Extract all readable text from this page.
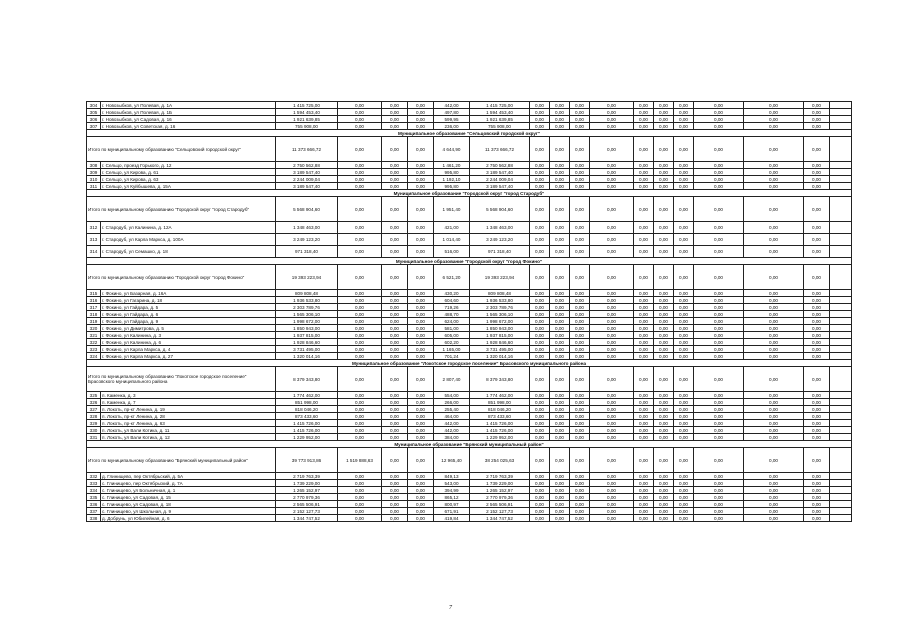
304	г. Новозыбков, ул Полевая, д. 1А	1 415 725,00	0,00	0,00	0,00	442,00	1 415 725,00	0,00	0,00	0,00	0,00	0,00	0,00	0,00	0,00	0,00	0,00	
305	г. Новозыбков, ул Полевая, д. 1Б	1 594 453,40	0,00	0,00	0,00	497,80	1 594 453,40	0,00	0,00	0,00	0,00	0,00	0,00	0,00	0,00	0,00	0,00	
306	г. Новозыбков, ул Садовая, д. 16	1 921 639,85	0,00	0,00	0,00	599,95	1 921 639,85	0,00	0,00	0,00	0,00	0,00	0,00	0,00	0,00	0,00	0,00	
307	г. Новозыбков, ул Советская, д. 16	755 908,00	0,00	0,00	0,00	236,00	755 908,00	0,00	0,00	0,00	0,00	0,00	0,00	0,00	0,00	0,00	0,00	
Муниципальное образование "Сельцовский городской округ"																		
Итого по муниципальному образованию "Сельцовский городской округ"		11 373 666,72	0,00	0,00	0,00	4 644,90	11 373 666,72	0,00	0,00	0,00	0,00	0,00	0,00	0,00	0,00	0,00	0,00	
308	г. Сельцо, проезд Горького, д. 12	2 750 562,88	0,00	0,00	0,00	1 461,20	2 750 562,88	0,00	0,00	0,00	0,00	0,00	0,00	0,00	0,00	0,00	0,00	
309	г. Сельцо, ул Кирова, д. 61	3 189 547,40	0,00	0,00	0,00	995,80	3 189 547,40	0,00	0,00	0,00	0,00	0,00	0,00	0,00	0,00	0,00	0,00	
310	г. Сельцо, ул Кирова, д. 63	2 244 009,04	0,00	0,00	0,00	1 192,10	2 244 009,04	0,00	0,00	0,00	0,00	0,00	0,00	0,00	0,00	0,00	0,00	
311	г. Сельцо, ул Куйбышева, д. 15А	3 189 547,40	0,00	0,00	0,00	995,80	3 189 547,40	0,00	0,00	0,00	0,00	0,00	0,00	0,00	0,00	0,00	0,00	
Муниципальное образование "Городской округ "город Стародуб"																		
Итого по муниципальному образованию "Городской округ "город Стародуб"		5 568 904,60	0,00	0,00	0,00	1 951,40	5 568 904,60	0,00	0,00	0,00	0,00	0,00	0,00	0,00	0,00	0,00	0,00	
312	г. Стародуб, ул Калинина, д. 12А	1 348 463,00	0,00	0,00	0,00	421,00	1 348 463,00	0,00	0,00	0,00	0,00	0,00	0,00	0,00	0,00	0,00	0,00	
313	г. Стародуб, ул Карла Маркса, д. 100А	3 249 123,20	0,00	0,00	0,00	1 014,40	3 249 123,20	0,00	0,00	0,00	0,00	0,00	0,00	0,00	0,00	0,00	0,00	
314	г. Стародуб, ул Семашко, д. 18	971 318,40	0,00	0,00	0,00	516,00	971 318,40	0,00	0,00	0,00	0,00	0,00	0,00	0,00	0,00	0,00	0,00	
Муниципальное образование "Городской округ "город Фокино"																		
Итого по муниципальному образованию "Городской округ "город Фокино"		19 393 223,94	0,00	0,00	0,00	6 521,20	19 393 223,94	0,00	0,00	0,00	0,00	0,00	0,00	0,00	0,00	0,00	0,00	
315	г. Фокино, ул Базарная, д. 16А	809 808,48	0,00	0,00	0,00	430,20	809 808,48	0,00	0,00	0,00	0,00	0,00	0,00	0,00	0,00	0,00	0,00	
316	г. Фокино, ул Гагарина, д. 18	1 936 533,80	0,00	0,00	0,00	604,60	1 936 533,80	0,00	0,00	0,00	0,00	0,00	0,00	0,00	0,00	0,00	0,00	
317	г. Фокино, ул Гайдара, д. 5	2 303 789,76	0,00	0,00	0,00	719,26	2 303 789,76	0,00	0,00	0,00	0,00	0,00	0,00	0,00	0,00	0,00	0,00	
318	г. Фокино, ул Гайдара, д. 6	1 565 306,10	0,00	0,00	0,00	488,70	1 565 306,10	0,00	0,00	0,00	0,00	0,00	0,00	0,00	0,00	0,00	0,00	
319	г. Фокино, ул Гайдара, д. 9	1 998 672,00	0,00	0,00	0,00	624,00	1 998 672,00	0,00	0,00	0,00	0,00	0,00	0,00	0,00	0,00	0,00	0,00	
320	г. Фокино, ул Димитрова, д. 5	1 850 943,00	0,00	0,00	0,00	581,00	1 850 943,00	0,00	0,00	0,00	0,00	0,00	0,00	0,00	0,00	0,00	0,00	
321	г. Фокино, ул Калинина, д. 3	1 937 815,00	0,00	0,00	0,00	605,00	1 937 815,00	0,00	0,00	0,00	0,00	0,00	0,00	0,00	0,00	0,00	0,00	
322	г. Фокино, ул Калинина, д. 6	1 928 846,60	0,00	0,00	0,00	602,20	1 928 846,60	0,00	0,00	0,00	0,00	0,00	0,00	0,00	0,00	0,00	0,00	
323	г. Фокино, ул Карла Маркса, д. 4	3 731 495,00	0,00	0,00	0,00	1 165,00	3 731 495,00	0,00	0,00	0,00	0,00	0,00	0,00	0,00	0,00	0,00	0,00	
324	г. Фокино, ул Карла Маркса, д. 27	1 320 014,16	0,00	0,00	0,00	701,24	1 320 014,16	0,00	0,00	0,00	0,00	0,00	0,00	0,00	0,00	0,00	0,00	
Муниципальное образование "Локотское городское поселение" Брасовского муниципального района																		
Итого по муниципальному образованию "Локотское городское поселение" Брасовского муниципального района		8 379 343,80	0,00	0,00	0,00	2 807,40	8 379 343,80	0,00	0,00	0,00	0,00	0,00	0,00	0,00	0,00	0,00	0,00	
325	п. Каменка, д. 3	1 774 462,00	0,00	0,00	0,00	554,00	1 774 462,00	0,00	0,00	0,00	0,00	0,00	0,00	0,00	0,00	0,00	0,00	
326	п. Каменка, д. 7	851 998,00	0,00	0,00	0,00	266,00	851 998,00	0,00	0,00	0,00	0,00	0,00	0,00	0,00	0,00	0,00	0,00	
327	п. Локоть, пр-кт Ленина, д. 19	818 046,20	0,00	0,00	0,00	255,40	818 046,20	0,00	0,00	0,00	0,00	0,00	0,00	0,00	0,00	0,00	0,00	
328	п. Локоть, пр-кт Ленина, д. 28	873 433,60	0,00	0,00	0,00	464,00	873 433,60	0,00	0,00	0,00	0,00	0,00	0,00	0,00	0,00	0,00	0,00	
329	п. Локоть, пр-кт Ленина, д. 63	1 415 726,00	0,00	0,00	0,00	442,00	1 415 726,00	0,00	0,00	0,00	0,00	0,00	0,00	0,00	0,00	0,00	0,00	
330	п. Локоть, ул Вали Котика, д. 11	1 415 726,00	0,00	0,00	0,00	442,00	1 415 726,00	0,00	0,00	0,00	0,00	0,00	0,00	0,00	0,00	0,00	0,00	
331	п. Локоть, ул Вали Котика, д. 12	1 229 952,00	0,00	0,00	0,00	384,00	1 229 952,00	0,00	0,00	0,00	0,00	0,00	0,00	0,00	0,00	0,00	0,00	
Муниципальное образование "Брянский муниципальный район"																		
Итого по муниципальному образованию "Брянский муниципальный район"		39 773 913,86	1 519 888,63	0,00	0,00	12 965,40	38 254 025,63	0,00	0,00	0,00	0,00	0,00	0,00	0,00	0,00	0,00	0,00	
332	д. Глинищево, пер Октябрьский, д. 5А	2 719 763,39	0,00	0,00	0,00	849,13	2 719 763,39	0,00	0,00	0,00	0,00	0,00	0,00	0,00	0,00	0,00	0,00	
333	с. Глинищево, пер Октябрьский, д. 7А	1 739 229,00	0,00	0,00	0,00	543,00	1 739 229,00	0,00	0,00	0,00	0,00	0,00	0,00	0,00	0,00	0,00	0,00	
334	с. Глинищево, ул Больничная, д. 1	1 265 152,97	0,00	0,00	0,00	394,99	1 265 152,97	0,00	0,00	0,00	0,00	0,00	0,00	0,00	0,00	0,00	0,00	
335	с. Глинищево, ул Садовая, д. 15	2 770 979,36	0,00	0,00	0,00	865,12	2 770 979,36	0,00	0,00	0,00	0,00	0,00	0,00	0,00	0,00	0,00	0,00	
336	с. Глинищево, ул Садовая, д. 18	2 565 506,91	0,00	0,00	0,00	800,97	2 565 506,91	0,00	0,00	0,00	0,00	0,00	0,00	0,00	0,00	0,00	0,00	
337	с. Глинищево, ул Школьная, д. 9	2 152 127,73	0,00	0,00	0,00	671,91	2 152 127,73	0,00	0,00	0,00	0,00	0,00	0,00	0,00	0,00	0,00	0,00	
338	д. Добрунь, ул Юбилейная, д. 6	1 344 747,52	0,00	0,00	0,00	419,84	1 344 747,52	0,00	0,00	0,00	0,00	0,00	0,00	0,00	0,00	0,00	0,00	
7
